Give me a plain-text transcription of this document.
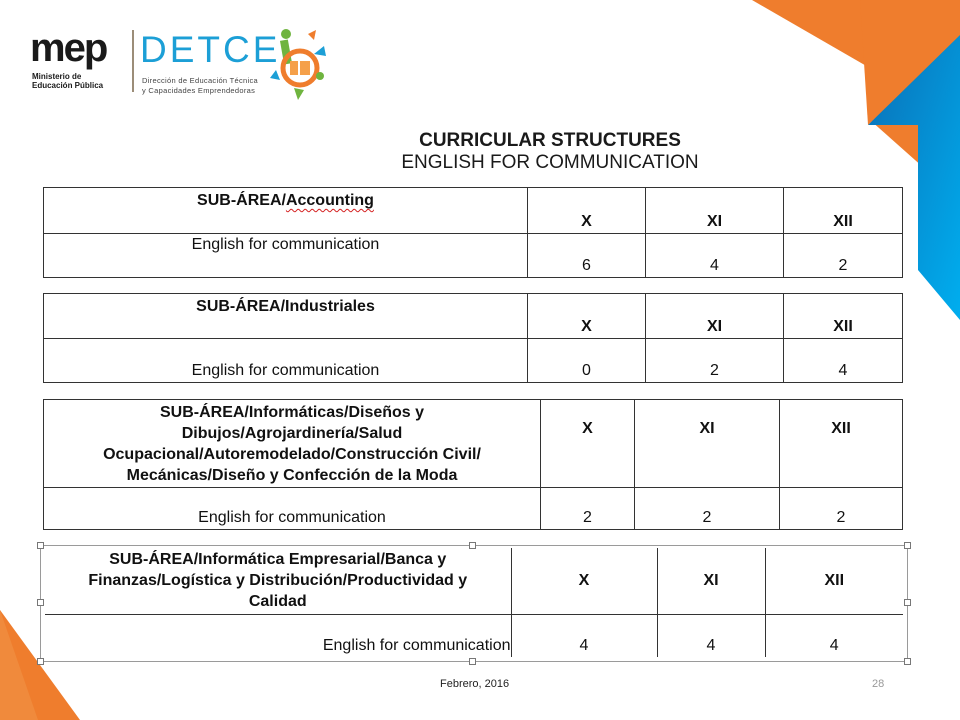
mep
Ministerio de
Educación Pública
DETCE
Dirección de Educación Técnica
y Capacidades Emprendedoras
CURRICULAR STRUCTURES
ENGLISH FOR COMMUNICATION
SUB-ÁREA/Accounting	X	XI	XII
English for communication	6	4	2
SUB-ÁREA/Industriales	X	XI	XII
English for communication	0	2	4
SUB-ÁREA/Informáticas/Diseños y
Dibujos/Agrojardinería/Salud
Ocupacional/Autoremodelado/Construcción Civil/
Mecánicas/Diseño y Confección de la Moda	X	XI	XII
English for communication	2	2	2
SUB-ÁREA/Informática Empresarial/Banca y
Finanzas/Logística y Distribución/Productividad y
Calidad	X	XI	XII
English for communication	4	4	4
Febrero, 2016	28
